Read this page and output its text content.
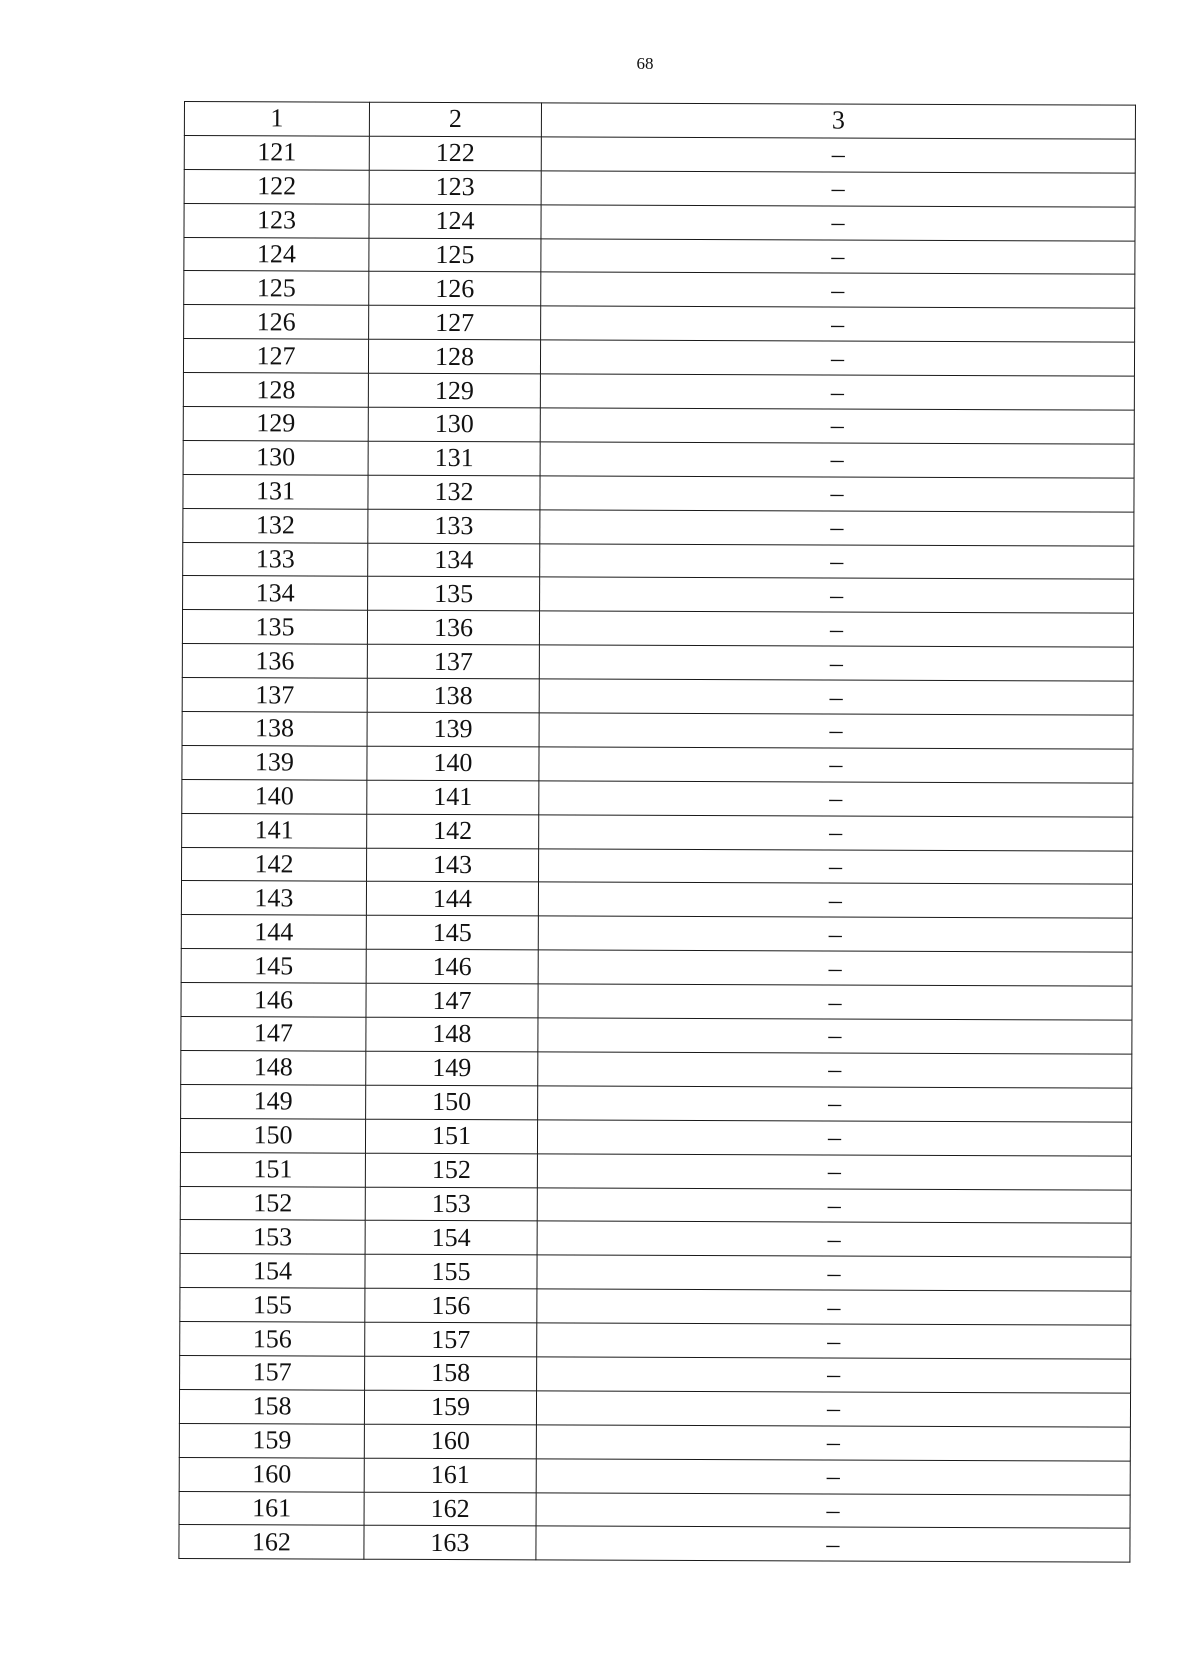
68
1	2	3
121	122	–
122	123	–
123	124	–
124	125	–
125	126	–
126	127	–
127	128	–
128	129	–
129	130	–
130	131	–
131	132	–
132	133	–
133	134	–
134	135	–
135	136	–
136	137	–
137	138	–
138	139	–
139	140	–
140	141	–
141	142	–
142	143	–
143	144	–
144	145	–
145	146	–
146	147	–
147	148	–
148	149	–
149	150	–
150	151	–
151	152	–
152	153	–
153	154	–
154	155	–
155	156	–
156	157	–
157	158	–
158	159	–
159	160	–
160	161	–
161	162	–
162	163	–
